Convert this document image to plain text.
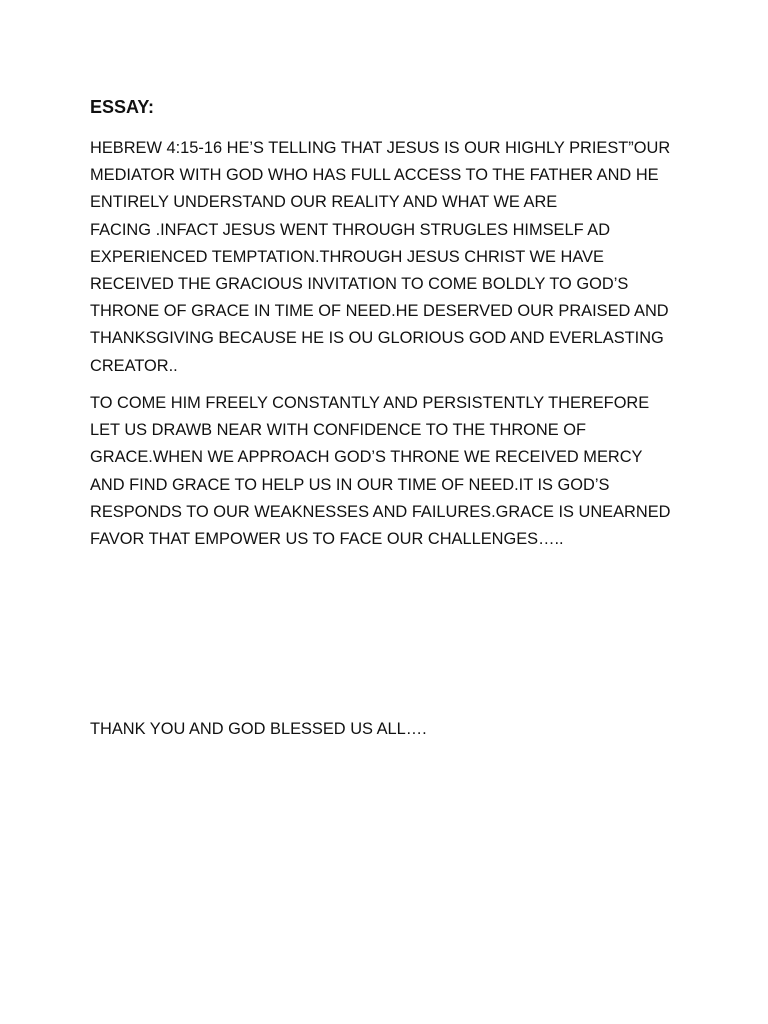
ESSAY:

HEBREW 4:15-16 HE’S TELLING THAT JESUS IS OUR HIGHLY PRIEST”OUR
MEDIATOR WITH GOD WHO HAS FULL ACCESS TO THE FATHER AND HE
ENTIRELY UNDERSTAND OUR REALITY AND WHAT WE ARE
FACING .INFACT JESUS WENT THROUGH STRUGLES HIMSELF AD
EXPERIENCED TEMPTATION.THROUGH JESUS CHRIST WE HAVE
RECEIVED THE GRACIOUS INVITATION TO COME BOLDLY TO GOD’S
THRONE OF GRACE IN TIME OF NEED.HE DESERVED OUR PRAISED AND
THANKSGIVING BECAUSE HE IS OU GLORIOUS GOD AND EVERLASTING
CREATOR..

TO COME HIM FREELY CONSTANTLY AND PERSISTENTLY THEREFORE
LET US DRAWB NEAR WITH CONFIDENCE TO THE THRONE OF
GRACE.WHEN WE APPROACH GOD’S THRONE WE RECEIVED MERCY
AND FIND GRACE TO HELP US IN OUR TIME OF NEED.IT IS GOD’S
RESPONDS TO OUR WEAKNESSES AND FAILURES.GRACE IS UNEARNED
FAVOR THAT EMPOWER US TO FACE OUR CHALLENGES…..

THANK YOU AND GOD BLESSED US ALL….
